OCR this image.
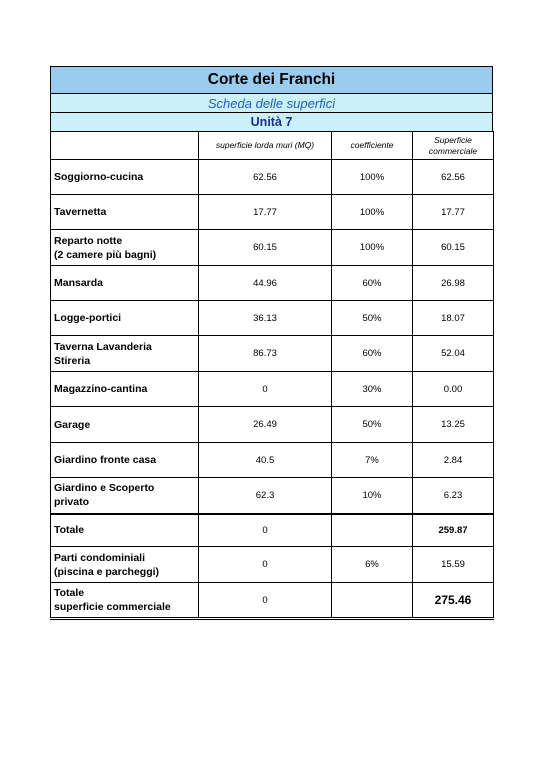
Corte dei Franchi
Scheda delle superfici
Unità 7
	superficie lorda muri (MQ)	coefficiente	Superficie
commerciale

Soggiorno-cucina	62.56	100%	62.56

Tavernetta	17.77	100%	17.77

Reparto notte
(2 camere più bagni)	60.15	100%	60.15

Mansarda	44.96	60%	26.98

Logge-portici	36.13	50%	18.07

Taverna Lavanderia
Stireria	86.73	60%	52.04

Magazzino-cantina	0	30%	0.00

Garage	26.49	50%	13.25

Giardino fronte casa	40.5	7%	2.84

Giardino e Scoperto
privato	62.3	10%	6.23

Totale	0		259.87

Parti condominiali
(piscina e parcheggi)	0	6%	15.59

Totale
superficie commerciale	0		275.46
